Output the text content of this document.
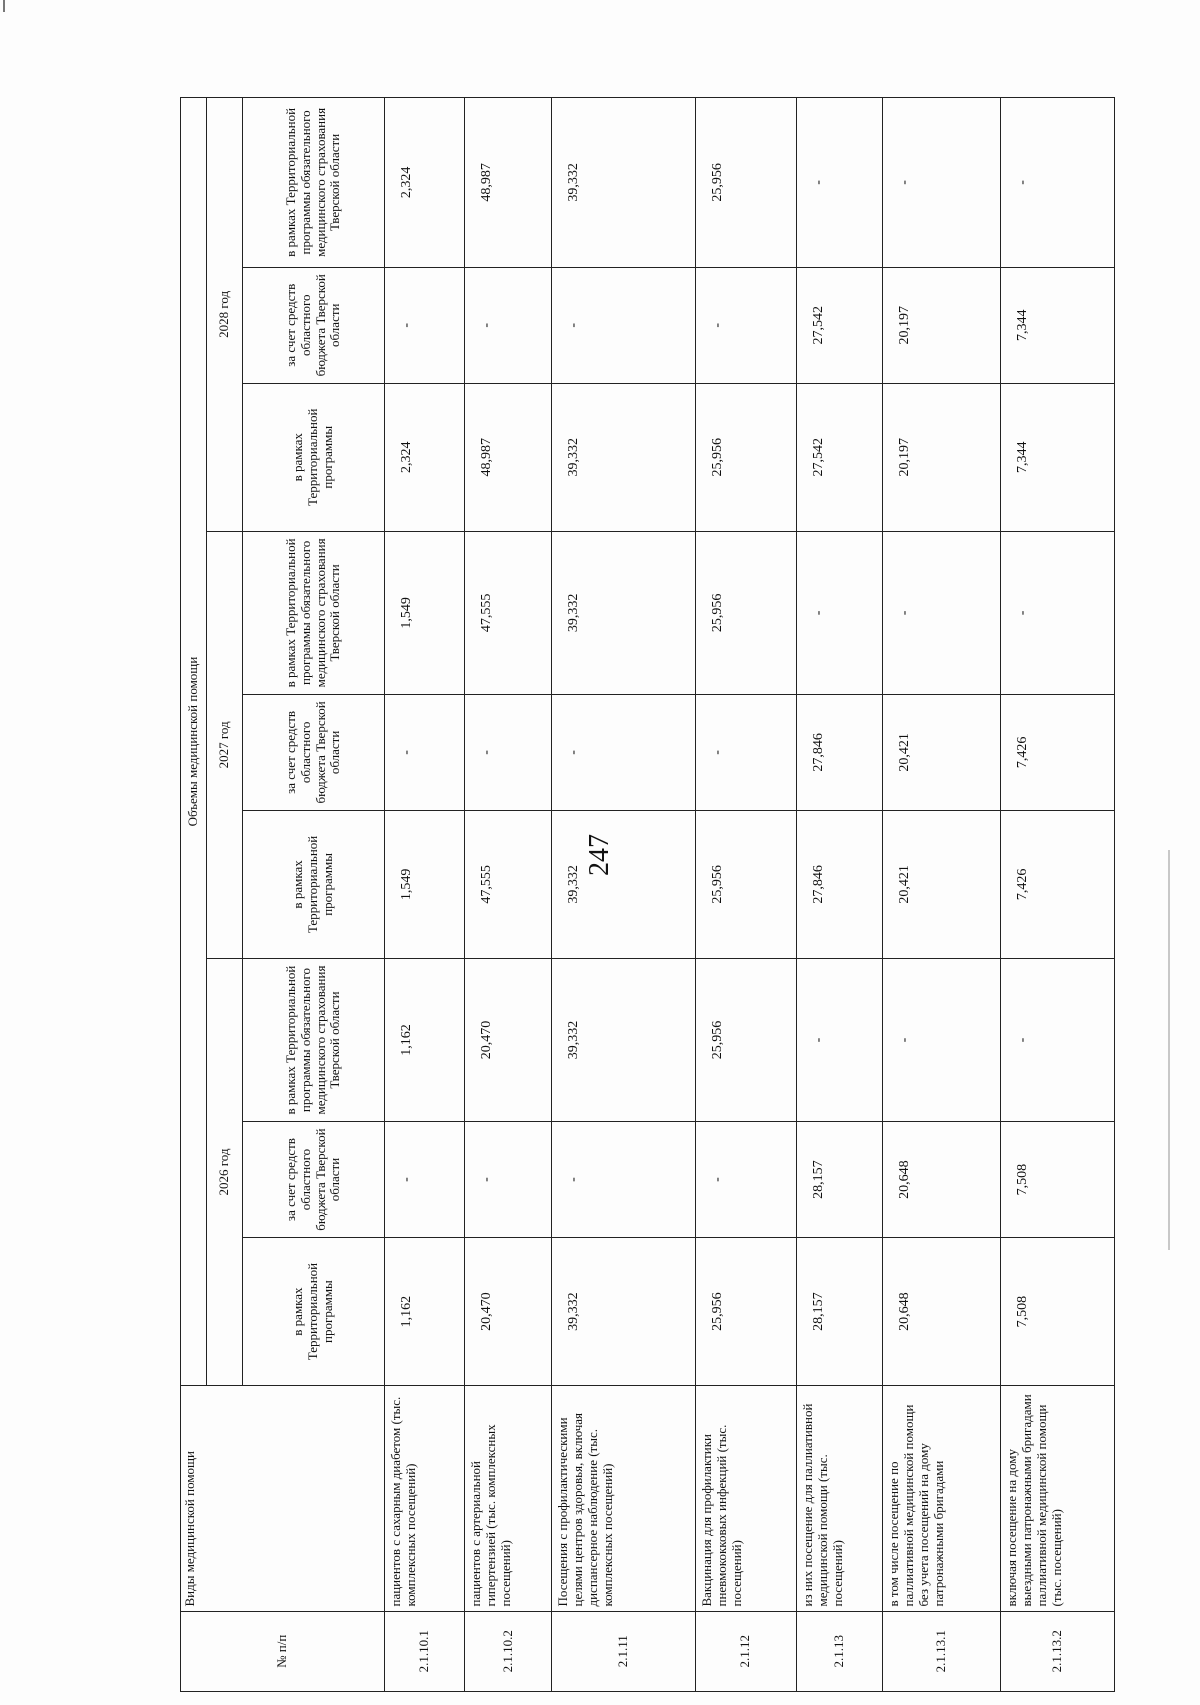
247
№ п/п	Виды медицинской помощи	Объемы медицинской помощи								
		2026 год			2027 год			2028 год		
		в рамках Территориальной программы	за счет средств областного бюджета Тверской области	в рамках Территориальной программы обязательного медицинского страхования Тверской области	в рамках Территориальной программы	за счет средств областного бюджета Тверской области	в рамках Территориальной программы обязательного медицинского страхования Тверской области	в рамках Территориальной программы	за счет средств областного бюджета Тверской области	в рамках Территориальной программы обязательного медицинского страхования Тверской области
2.1.10.1	пациентов с сахарным диабетом (тыс. комплексных посещений)	1,162	-	1,162	1,549	-	1,549	2,324	-	2,324
2.1.10.2	пациентов с артериальной гипертензией (тыс. комплексных посещений)	20,470	-	20,470	47,555	-	47,555	48,987	-	48,987
2.1.11	Посещения с профилактическими целями центров здоровья, включая диспансерное наблюдение (тыс. комплексных посещений)	39,332	-	39,332	39,332	-	39,332	39,332	-	39,332
2.1.12	Вакцинация для профилактики пневмококковых инфекций (тыс. посещений)	25,956	-	25,956	25,956	-	25,956	25,956	-	25,956
2.1.13	из них посещение для паллиативной медицинской помощи (тыс. посещений)	28,157	28,157	-	27,846	27,846	-	27,542	27,542	-
2.1.13.1	в том числе посещение по паллиативной медицинской помощи без учета посещений на дому патронажными бригадами	20,648	20,648	-	20,421	20,421	-	20,197	20,197	-
2.1.13.2	включая посещение на дому выездными патронажными бригадами паллиативной медицинской помощи (тыс. посещений)	7,508	7,508	-	7,426	7,426	-	7,344	7,344	-
